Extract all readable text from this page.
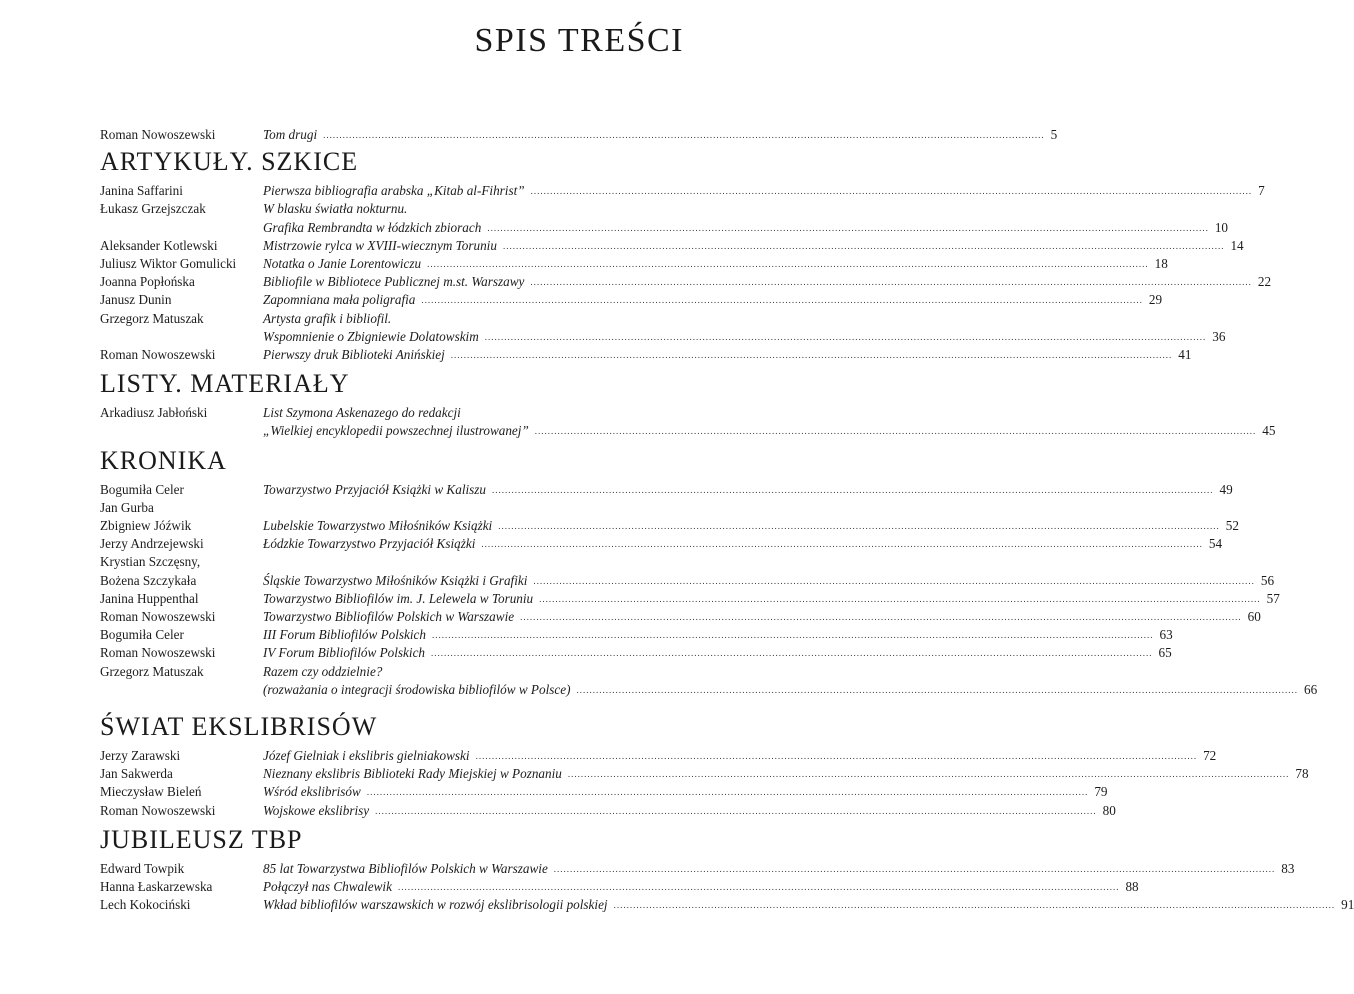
SPIS TREŚCI
Roman Nowoszewski	Tom drugi .............................................................................................................................................................................................................................. 5
ARTYKUŁY. SZKICE
Janina Saffarini	Pierwsza bibliografia arabska „Kitab al-Fihrist” .............................................................................................................................................................................................................................. 7
Łukasz Grzejszczak	W blasku światła nokturnu.
Grafika Rembrandta w łódzkich zbiorach .............................................................................................................................................................................................................................. 10
Aleksander Kotlewski	Mistrzowie rylca w XVIII-wiecznym Toruniu .............................................................................................................................................................................................................................. 14
Juliusz Wiktor Gomulicki	Notatka o Janie Lorentowiczu .............................................................................................................................................................................................................................. 18
Joanna Popłońska	Bibliofile w Bibliotece Publicznej m.st. Warszawy .............................................................................................................................................................................................................................. 22
Janusz Dunin	Zapomniana mała poligrafia .............................................................................................................................................................................................................................. 29
Grzegorz Matuszak	Artysta grafik i bibliofil.
Wspomnienie o Zbigniewie Dolatowskim .............................................................................................................................................................................................................................. 36
Roman Nowoszewski	Pierwszy druk Biblioteki Anińskiej .............................................................................................................................................................................................................................. 41
LISTY. MATERIAŁY
Arkadiusz Jabłoński	List Szymona Askenazego do redakcji
„Wielkiej encyklopedii powszechnej ilustrowanej” .............................................................................................................................................................................................................................. 45
KRONIKA
Bogumiła Celer	Towarzystwo Przyjaciół Książki w Kaliszu .............................................................................................................................................................................................................................. 49
Jan Gurba
Zbigniew Jóźwik	Lubelskie Towarzystwo Miłośników Książki .............................................................................................................................................................................................................................. 52
Jerzy Andrzejewski	Łódzkie Towarzystwo Przyjaciół Książki .............................................................................................................................................................................................................................. 54
Krystian Szczęsny,
Bożena Szczykała	Śląskie Towarzystwo Miłośników Książki i Grafiki .............................................................................................................................................................................................................................. 56
Janina Huppenthal	Towarzystwo Bibliofilów im. J. Lelewela w Toruniu .............................................................................................................................................................................................................................. 57
Roman Nowoszewski	Towarzystwo Bibliofilów Polskich w Warszawie .............................................................................................................................................................................................................................. 60
Bogumiła Celer	III Forum Bibliofilów Polskich .............................................................................................................................................................................................................................. 63
Roman Nowoszewski	IV Forum Bibliofilów Polskich .............................................................................................................................................................................................................................. 65
Grzegorz Matuszak	Razem czy oddzielnie?
(rozważania o integracji środowiska bibliofilów w Polsce) .............................................................................................................................................................................................................................. 66
ŚWIAT EKSLIBRISÓW
Jerzy Zarawski	Józef Gielniak i ekslibris gielniakowski .............................................................................................................................................................................................................................. 72
Jan Sakwerda	Nieznany ekslibris Biblioteki Rady Miejskiej w Poznaniu .............................................................................................................................................................................................................................. 78
Mieczysław Bieleń	Wśród ekslibrisów .............................................................................................................................................................................................................................. 79
Roman Nowoszewski	Wojskowe ekslibrisy .............................................................................................................................................................................................................................. 80
JUBILEUSZ TBP
Edward Towpik	85 lat Towarzystwa Bibliofilów Polskich w Warszawie .............................................................................................................................................................................................................................. 83
Hanna Łaskarzewska	Połączył nas Chwalewik .............................................................................................................................................................................................................................. 88
Lech Kokociński	Wkład bibliofilów warszawskich w rozwój ekslibrisologii polskiej .............................................................................................................................................................................................................................. 91
